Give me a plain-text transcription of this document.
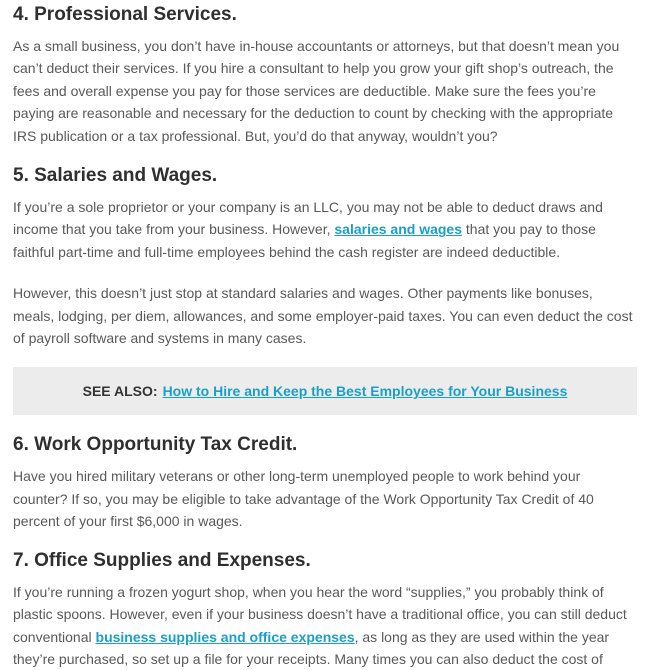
4. Professional Services.

As a small business, you don’t have in-house accountants or attorneys, but that doesn’t mean you can’t deduct their services. If you hire a consultant to help you grow your gift shop’s outreach, the fees and overall expense you pay for those services are deductible. Make sure the fees you’re paying are reasonable and necessary for the deduction to count by checking with the appropriate IRS publication or a tax professional. But, you’d do that anyway, wouldn’t you?

5. Salaries and Wages.

If you’re a sole proprietor or your company is an LLC, you may not be able to deduct draws and income that you take from your business. However, salaries and wages that you pay to those faithful part-time and full-time employees behind the cash register are indeed deductible.

However, this doesn’t just stop at standard salaries and wages. Other payments like bonuses, meals, lodging, per diem, allowances, and some employer-paid taxes. You can even deduct the cost of payroll software and systems in many cases.

SEE ALSO: How to Hire and Keep the Best Employees for Your Business
6. Work Opportunity Tax Credit.

Have you hired military veterans or other long-term unemployed people to work behind your counter? If so, you may be eligible to take advantage of the Work Opportunity Tax Credit of 40 percent of your first $6,000 in wages.

7. Office Supplies and Expenses.

If you’re running a frozen yogurt shop, when you hear the word “supplies,” you probably think of plastic spoons. However, even if your business doesn’t have a traditional office, you can still deduct conventional business supplies and office expenses, as long as they are used within the year they’re purchased, so set up a file for your receipts. Many times you can also deduct the cost of
